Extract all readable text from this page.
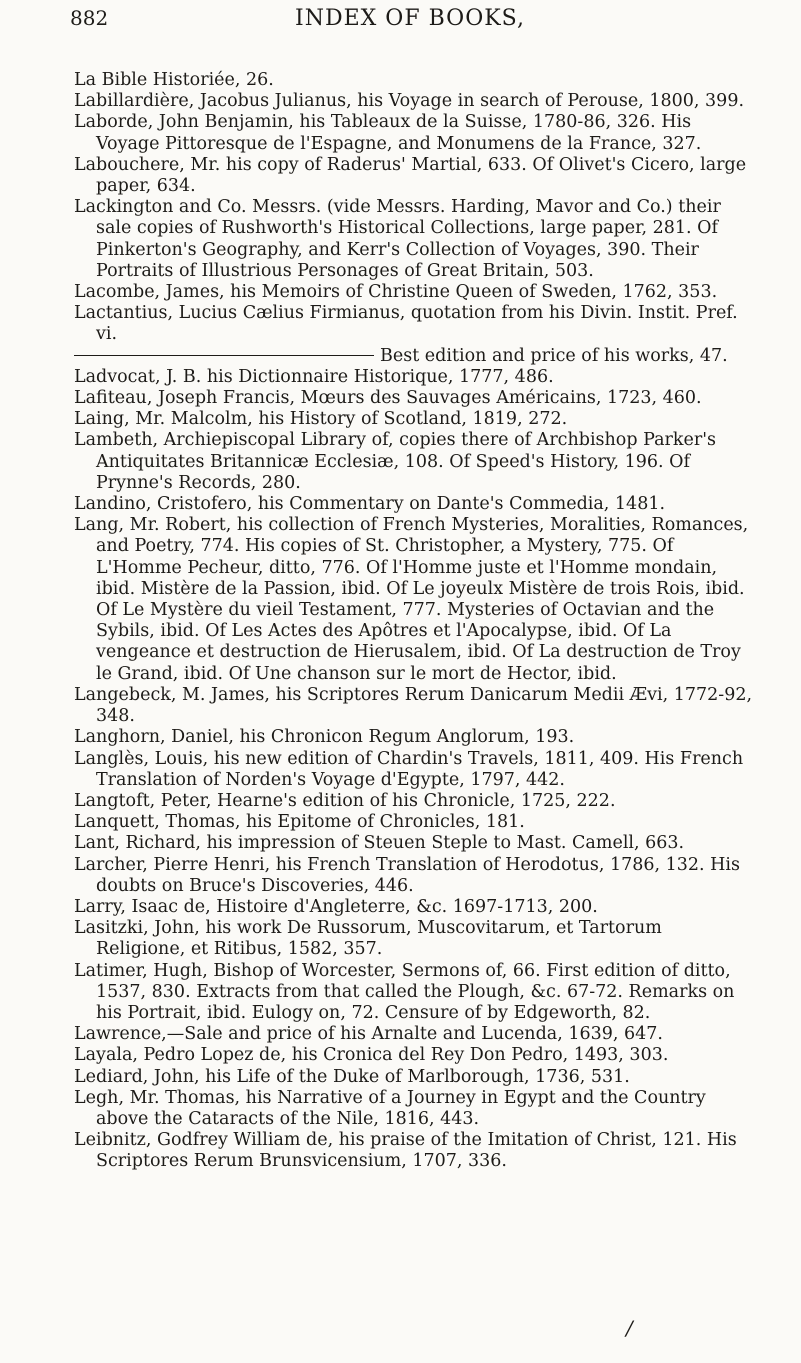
882	INDEX OF BOOKS,

La Bible Historiée, 26.

Labillardière, Jacobus Julianus, his Voyage in search of Perouse, 1800, 399.

Laborde, John Benjamin, his Tableaux de la Suisse, 1780-86, 326. His Voyage Pittoresque de l'Espagne, and Monumens de la France, 327.

Labouchere, Mr. his copy of Raderus' Martial, 633. Of Olivet's Cicero, large paper, 634.

Lackington and Co. Messrs. (vide Messrs. Harding, Mavor and Co.) their sale copies of Rushworth's Historical Collections, large paper, 281. Of Pinkerton's Geography, and Kerr's Collection of Voyages, 390. Their Portraits of Illustrious Personages of Great Britain, 503.

Lacombe, James, his Memoirs of Christine Queen of Sweden, 1762, 353.

Lactantius, Lucius Cælius Firmianus, quotation from his Divin. Instit. Pref. vi.

Best edition and price of his works, 47.

Ladvocat, J. B. his Dictionnaire Historique, 1777, 486.

Lafiteau, Joseph Francis, Mœurs des Sauvages Américains, 1723, 460.

Laing, Mr. Malcolm, his History of Scotland, 1819, 272.

Lambeth, Archiepiscopal Library of, copies there of Archbishop Parker's Antiquitates Britannicæ Ecclesiæ, 108. Of Speed's History, 196. Of Prynne's Records, 280.

Landino, Cristofero, his Commentary on Dante's Commedia, 1481.

Lang, Mr. Robert, his collection of French Mysteries, Moralities, Romances, and Poetry, 774. His copies of St. Christopher, a Mystery, 775. Of L'Homme Pecheur, ditto, 776. Of l'Homme juste et l'Homme mondain, ibid. Mistère de la Passion, ibid. Of Le joyeulx Mistère de trois Rois, ibid. Of Le Mystère du vieil Testament, 777. Mysteries of Octavian and the Sybils, ibid. Of Les Actes des Apôtres et l'Apocalypse, ibid. Of La vengeance et destruction de Hierusalem, ibid. Of La destruction de Troy le Grand, ibid. Of Une chanson sur le mort de Hector, ibid.

Langebeck, M. James, his Scriptores Rerum Danicarum Medii Ævi, 1772-92, 348.

Langhorn, Daniel, his Chronicon Regum Anglorum, 193.

Langlès, Louis, his new edition of Chardin's Travels, 1811, 409. His French Translation of Norden's Voyage d'Egypte, 1797, 442.

Langtoft, Peter, Hearne's edition of his Chronicle, 1725, 222.

Lanquett, Thomas, his Epitome of Chronicles, 181.

Lant, Richard, his impression of Steuen Steple to Mast. Camell, 663.

Larcher, Pierre Henri, his French Translation of Herodotus, 1786, 132. His doubts on Bruce's Discoveries, 446.

Larry, Isaac de, Histoire d'Angleterre, &c. 1697-1713, 200.

Lasitzki, John, his work De Russorum, Muscovitarum, et Tartorum Religione, et Ritibus, 1582, 357.

Latimer, Hugh, Bishop of Worcester, Sermons of, 66. First edition of ditto, 1537, 830. Extracts from that called the Plough, &c. 67-72. Remarks on his Portrait, ibid. Eulogy on, 72. Censure of by Edgeworth, 82.

Lawrence,—Sale and price of his Arnalte and Lucenda, 1639, 647.

Layala, Pedro Lopez de, his Cronica del Rey Don Pedro, 1493, 303.

Lediard, John, his Life of the Duke of Marlborough, 1736, 531.

Legh, Mr. Thomas, his Narrative of a Journey in Egypt and the Country above the Cataracts of the Nile, 1816, 443.

Leibnitz, Godfrey William de, his praise of the Imitation of Christ, 121. His Scriptores Rerum Brunsvicensium, 1707, 336.

/
